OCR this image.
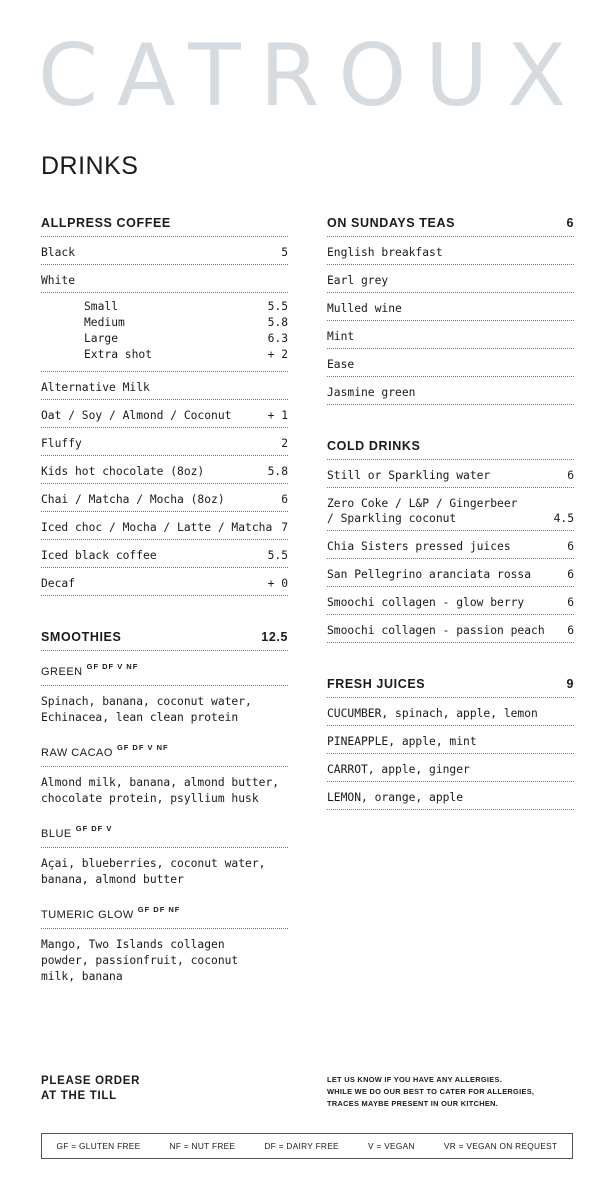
CATROUX
DRINKS
ALLPRESS COFFEE
Black	5
White
Small	5.5
Medium	5.8
Large	6.3
Extra shot	+ 2
Alternative Milk
Oat / Soy / Almond / Coconut	+ 1
Fluffy	2
Kids hot chocolate (8oz)	5.8
Chai / Matcha / Mocha (8oz)	6
Iced choc / Mocha / Latte / Matcha 7
Iced black coffee	5.5
Decaf	+ 0
SMOOTHIES	12.5
GREEN $^{GF DF V NF}$
Spinach, banana, coconut water,
Echinacea, lean clean protein
RAW CACAO $^{GF DF V NF}$
Almond milk, banana, almond butter,
chocolate protein, psyllium husk
BLUE $^{GF DF V}$
Açai, blueberries, coconut water,
banana, almond butter
TUMERIC GLOW $^{GF DF NF}$
Mango, Two Islands collagen
powder, passionfruit, coconut
milk, banana
ON SUNDAYS TEAS	6
English breakfast
Earl grey
Mulled wine
Mint
Ease
Jasmine green
COLD DRINKS
Still or Sparkling water	6
Zero Coke / L&P / Gingerbeer
/ Sparkling coconut	4.5
Chia Sisters pressed juices	6
San Pellegrino aranciata rossa	6
Smoochi collagen - glow berry	6
Smoochi collagen - passion peach 6
FRESH JUICES	9
CUCUMBER, spinach, apple, lemon
PINEAPPLE, apple, mint
CARROT, apple, ginger
LEMON, orange, apple
PLEASE ORDER
AT THE TILL
LET US KNOW IF YOU HAVE ANY ALLERGIES.
WHILE WE DO OUR BEST TO CATER FOR ALLERGIES,
TRACES MAYBE PRESENT IN OUR KITCHEN.
GF = GLUTEN FREE	NF = NUT FREE	DF = DAIRY FREE	V = VEGAN	VR = VEGAN ON REQUEST
